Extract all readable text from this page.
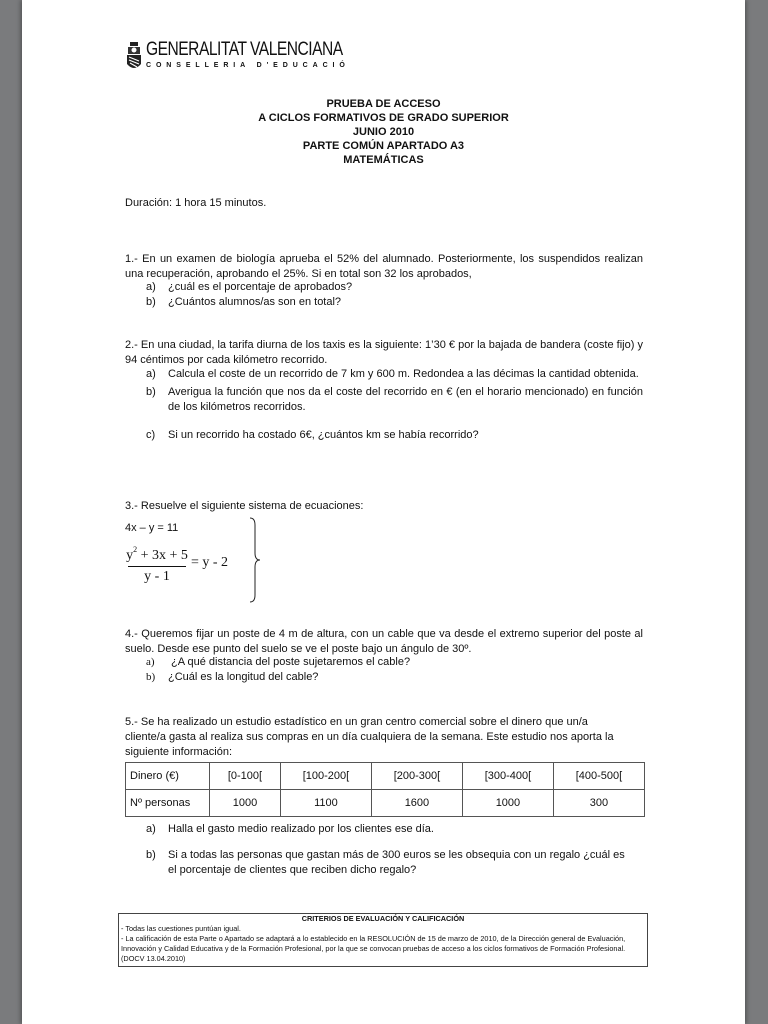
GENERALITAT VALENCIANA
CONSELLERIA D'EDUCACIÓ
PRUEBA DE ACCESO
A CICLOS FORMATIVOS DE GRADO SUPERIOR
JUNIO 2010
PARTE COMÚN APARTADO A3
MATEMÁTICAS
Duración: 1 hora 15 minutos.
1.- En un examen de biología aprueba el 52% del alumnado. Posteriormente, los suspendidos realizan una recuperación, aprobando el 25%. Si en total son 32 los aprobados,
a)	¿cuál es el porcentaje de aprobados?
b)	¿Cuántos alumnos/as son en total?
2.- En una ciudad, la tarifa diurna de los taxis es la siguiente: 1’30 € por la bajada de bandera (coste fijo) y 94 céntimos por cada kilómetro recorrido.
a)	Calcula el coste de un recorrido de 7 km y 600 m. Redondea a las décimas la cantidad obtenida.
b)	Averigua la función que nos da el coste del recorrido en € (en el horario mencionado) en función de los kilómetros recorridos.
c)	Si un recorrido ha costado 6€, ¿cuántos km se había recorrido?
3.- Resuelve el siguiente sistema de ecuaciones:
4x – y = 11
$y^2 + 3x + 5$
y - 1
= y - 2
4.- Queremos fijar un poste de 4 m de altura, con un cable que va desde el extremo superior del poste al suelo. Desde ese punto del suelo se ve el poste bajo un ángulo de 30º.
a)	¿A qué distancia del poste sujetaremos el cable?
b)	¿Cuál es la longitud del cable?
5.- Se ha realizado un estudio estadístico en un gran centro comercial sobre el dinero que un/a cliente/a gasta al realiza sus compras en un día cualquiera de la semana. Este estudio nos aporta la siguiente información:
Dinero (€)	[0-100[	[100-200[	[200-300[	[300-400[	[400-500[
Nº personas	1000	1100	1600	1000	300
a)	Halla el gasto medio realizado por los clientes ese día.
b)	Si a todas las personas que gastan más de 300 euros se les obsequia con un regalo ¿cuál es el porcentaje de clientes que reciben dicho regalo?
CRITERIOS DE EVALUACIÓN Y CALIFICACIÓN
- Todas las cuestiones puntúan igual.
- La calificación de esta Parte o Apartado se adaptará a lo establecido en la RESOLUCIÓN de 15 de marzo de 2010, de la Dirección general de Evaluación, Innovación y Calidad Educativa y de la Formación Profesional, por la que se convocan pruebas de acceso a los ciclos formativos de Formación Profesional. (DOCV 13.04.2010)
